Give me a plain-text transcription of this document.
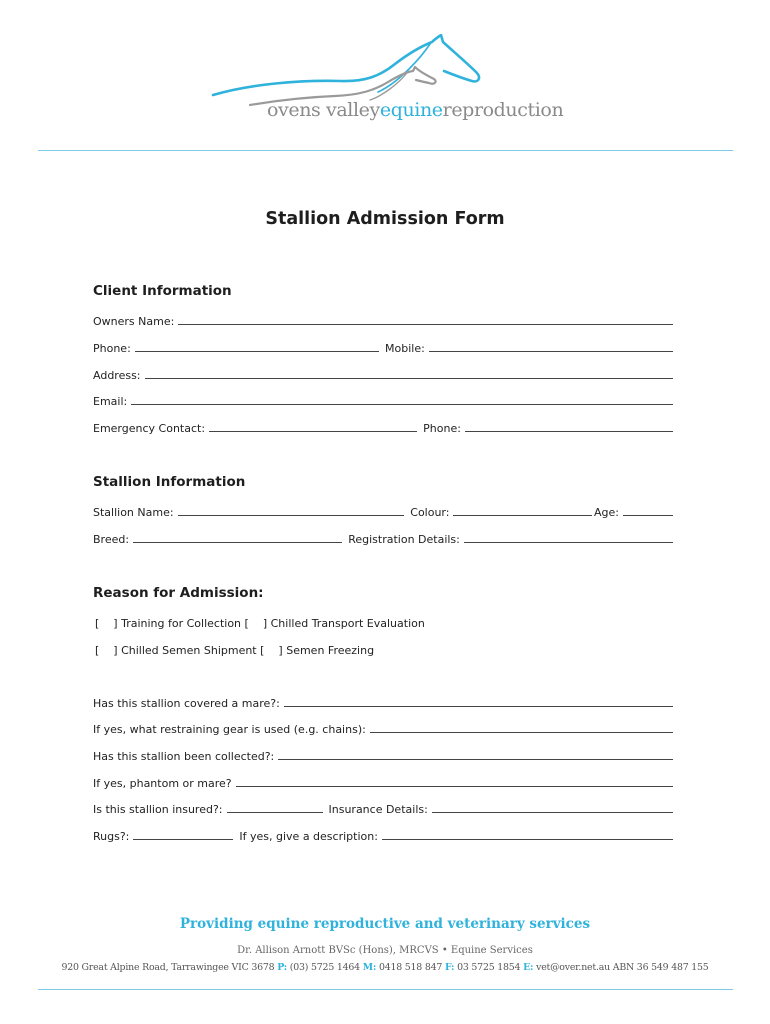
ovens valleyequinereproduction
Stallion Admission Form
Client Information
Owners Name:
Phone:	Mobile:
Address:
Email:
Emergency Contact:	Phone:
Stallion Information
Stallion Name:	Colour:	Age:
Breed:	Registration Details:
Reason for Admission:
[ ] Training for Collection [ ] Chilled Transport Evaluation
[ ] Chilled Semen Shipment [ ] Semen Freezing
Has this stallion covered a mare?:
If yes, what restraining gear is used (e.g. chains):
Has this stallion been collected?:
If yes, phantom or mare?
Is this stallion insured?:	Insurance Details:
Rugs?:	If yes, give a description:
Providing equine reproductive and veterinary services
Dr. Allison Arnott BVSc (Hons), MRCVS • Equine Services
920 Great Alpine Road, Tarrawingee VIC 3678 P: (03) 5725 1464 M: 0418 518 847 F: 03 5725 1854 E: vet@over.net.au ABN 36 549 487 155
